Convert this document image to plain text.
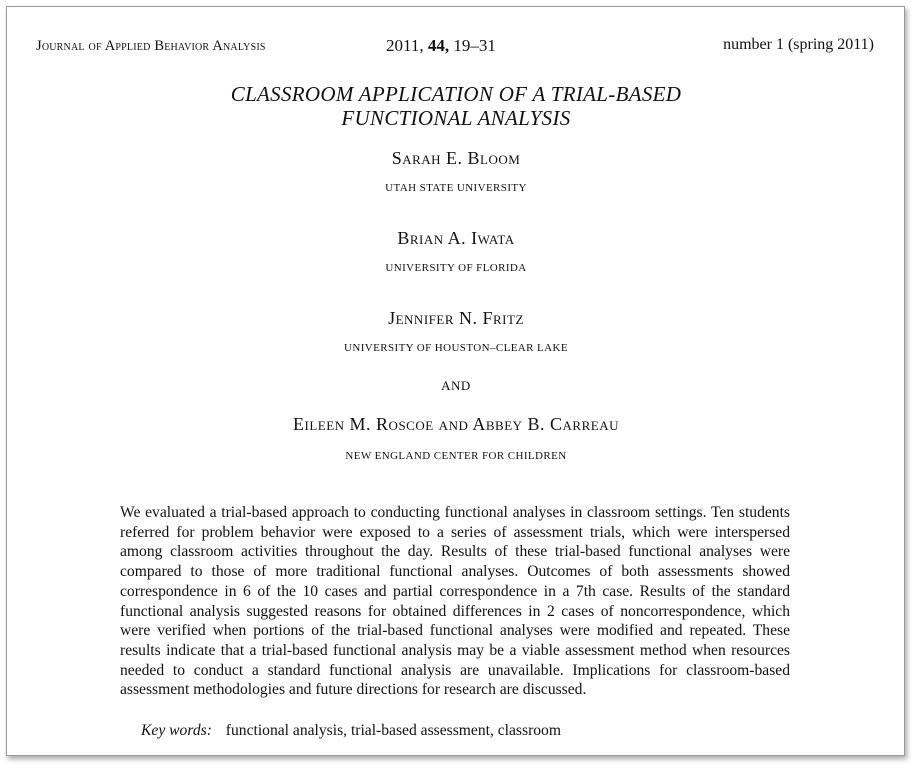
Journal of Applied Behavior Analysis	2011, 44, 19–31	number 1 (spring 2011)
CLASSROOM APPLICATION OF A TRIAL-BASED
FUNCTIONAL ANALYSIS
Sarah E. Bloom
UTAH STATE UNIVERSITY
Brian A. Iwata
UNIVERSITY OF FLORIDA
Jennifer N. Fritz
UNIVERSITY OF HOUSTON–CLEAR LAKE
AND
Eileen M. Roscoe and Abbey B. Carreau
NEW ENGLAND CENTER FOR CHILDREN
We evaluated a trial-based approach to conducting functional analyses in classroom settings. Ten students referred for problem behavior were exposed to a series of assessment trials, which were interspersed among classroom activities throughout the day. Results of these trial-based functional analyses were compared to those of more traditional functional analyses. Outcomes of both assessments showed correspondence in 6 of the 10 cases and partial correspondence in a 7th case. Results of the standard functional analysis suggested reasons for obtained differences in 2 cases of noncorrespondence, which were verified when portions of the trial-based functional analyses were modified and repeated. These results indicate that a trial-based functional analysis may be a viable assessment method when resources needed to conduct a standard functional analysis are unavailable. Implications for classroom-based assessment methodologies and future directions for research are discussed.
Key words: functional analysis, trial-based assessment, classroom
